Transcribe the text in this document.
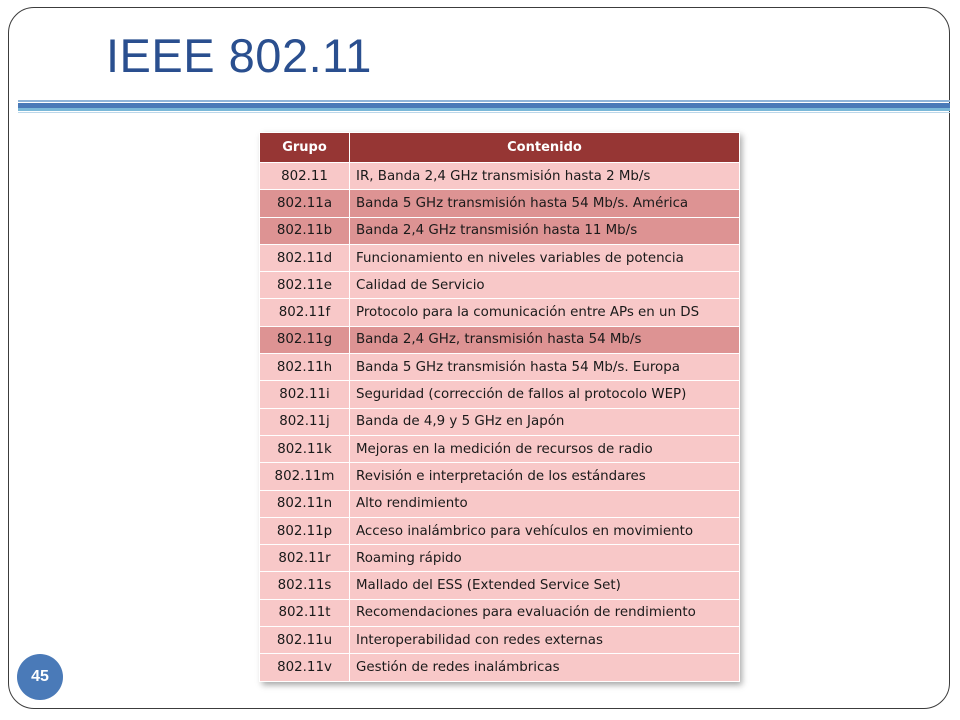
IEEE 802.11
Grupo	Contenido
802.11	IR, Banda 2,4 GHz transmisión hasta 2 Mb/s
802.11a	Banda 5 GHz transmisión hasta 54 Mb/s. América
802.11b	Banda 2,4 GHz transmisión hasta 11 Mb/s
802.11d	Funcionamiento en niveles variables de potencia
802.11e	Calidad de Servicio
802.11f	Protocolo para la comunicación entre APs en un DS
802.11g	Banda 2,4 GHz, transmisión hasta 54 Mb/s
802.11h	Banda 5 GHz transmisión hasta 54 Mb/s. Europa
802.11i	Seguridad (corrección de fallos al protocolo WEP)
802.11j	Banda de 4,9 y 5 GHz en Japón
802.11k	Mejoras en la medición de recursos de radio
802.11m	Revisión e interpretación de los estándares
802.11n	Alto rendimiento
802.11p	Acceso inalámbrico para vehículos en movimiento
802.11r	Roaming rápido
802.11s	Mallado del ESS (Extended Service Set)
802.11t	Recomendaciones para evaluación de rendimiento
802.11u	Interoperabilidad con redes externas
802.11v	Gestión de redes inalámbricas
45
